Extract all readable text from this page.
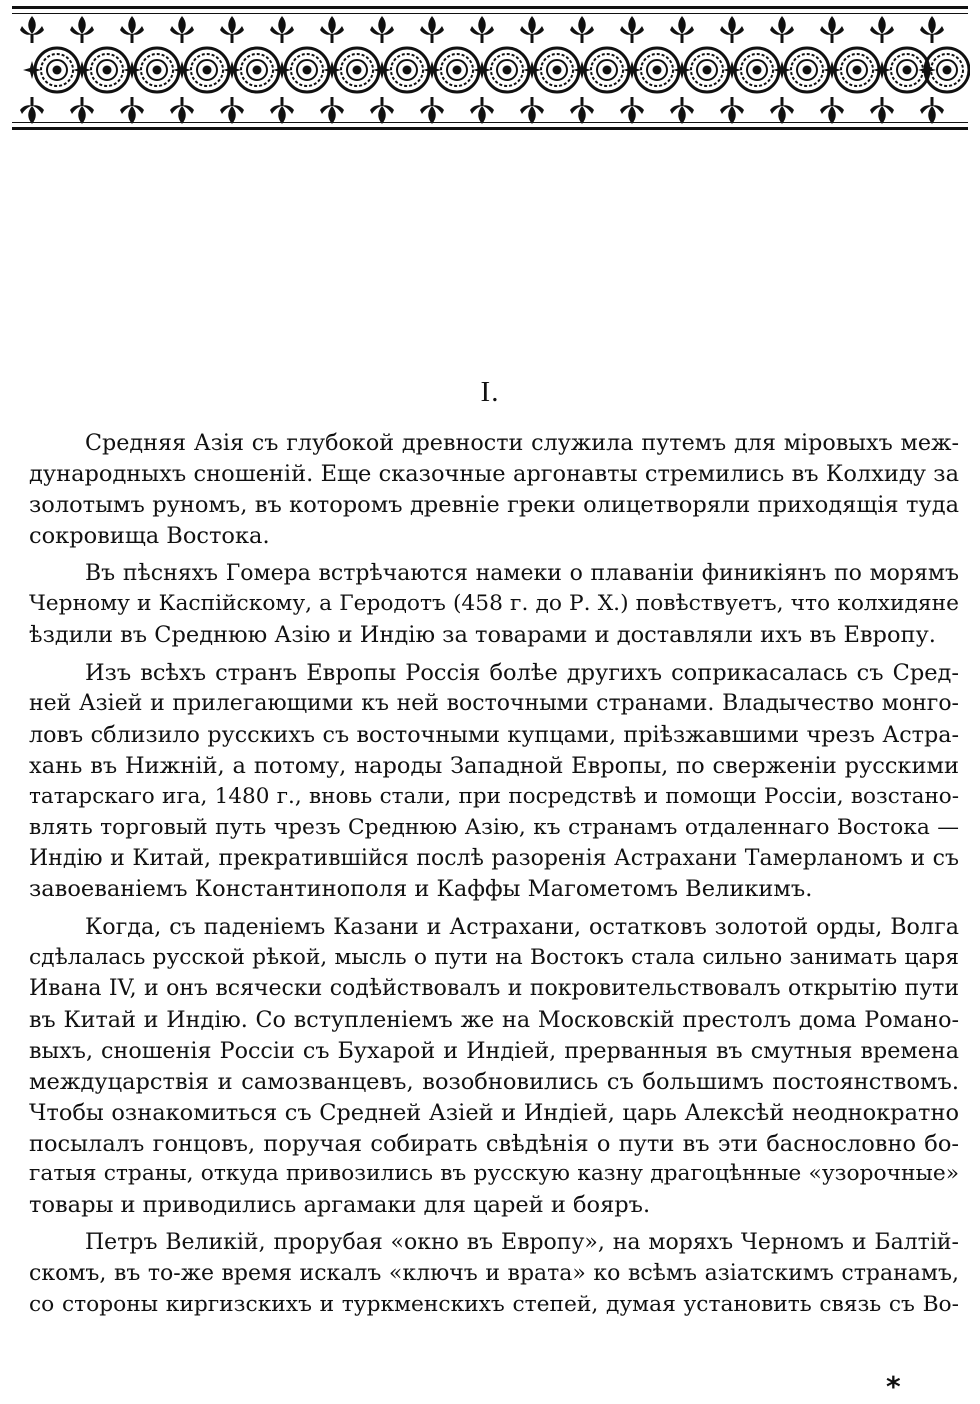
I.
Средняя Азія съ глубокой древности служила путемъ для міровыхъ меж-
дународныхъ сношеній. Еще сказочные аргонавты стремились въ Колхиду за
золотымъ руномъ, въ которомъ древніе греки олицетворяли приходящія туда
сокровища Востока.
Въ пѣсняхъ Гомера встрѣчаются намеки о плаваніи финикіянъ по морямъ
Черному и Каспійскому, а Геродотъ (458 г. до Р. Х.) повѣствуетъ, что колхидяне
ѣздили въ Среднюю Азію и Индію за товарами и доставляли ихъ въ Европу.
Изъ всѣхъ странъ Европы Россія болѣе другихъ соприкасалась съ Сред-
ней Азіей и прилегающими къ ней восточными странами. Владычество монго-
ловъ сблизило русскихъ съ восточными купцами, пріѣзжавшими чрезъ Астра-
хань въ Нижній, а потому, народы Западной Европы, по сверженіи русскими
татарскаго ига, 1480 г., вновь стали, при посредствѣ и помощи Россіи, возстано-
влять торговый путь чрезъ Среднюю Азію, къ странамъ отдаленнаго Востока —
Индію и Китай, прекратившійся послѣ разоренія Астрахани Тамерланомъ и съ
завоеваніемъ Константинополя и Каффы Магометомъ Великимъ.
Когда, съ паденіемъ Казани и Астрахани, остатковъ золотой орды, Волга
сдѣлалась русской рѣкой, мысль о пути на Востокъ стала сильно занимать царя
Ивана IV, и онъ всячески содѣйствовалъ и покровительствовалъ открытію пути
въ Китай и Индію. Со вступленіемъ же на Московскій престолъ дома Романо-
выхъ, сношенія Россіи съ Бухарой и Индіей, прерванныя въ смутныя времена
междуцарствія и самозванцевъ, возобновились съ большимъ постоянствомъ.
Чтобы ознакомиться съ Средней Азіей и Индіей, царь Алексѣй неоднократно
посылалъ гонцовъ, поручая собирать свѣдѣнія о пути въ эти баснословно бо-
гатыя страны, откуда привозились въ русскую казну драгоцѣнные «узорочные»
товары и приводились аргамаки для царей и бояръ.
Петръ Великій, прорубая «окно въ Европу», на моряхъ Черномъ и Балтій-
скомъ, въ то-же время искалъ «ключъ и врата» ко всѣмъ азіатскимъ странамъ,
со стороны киргизскихъ и туркменскихъ степей, думая установить связь съ Во-
*
